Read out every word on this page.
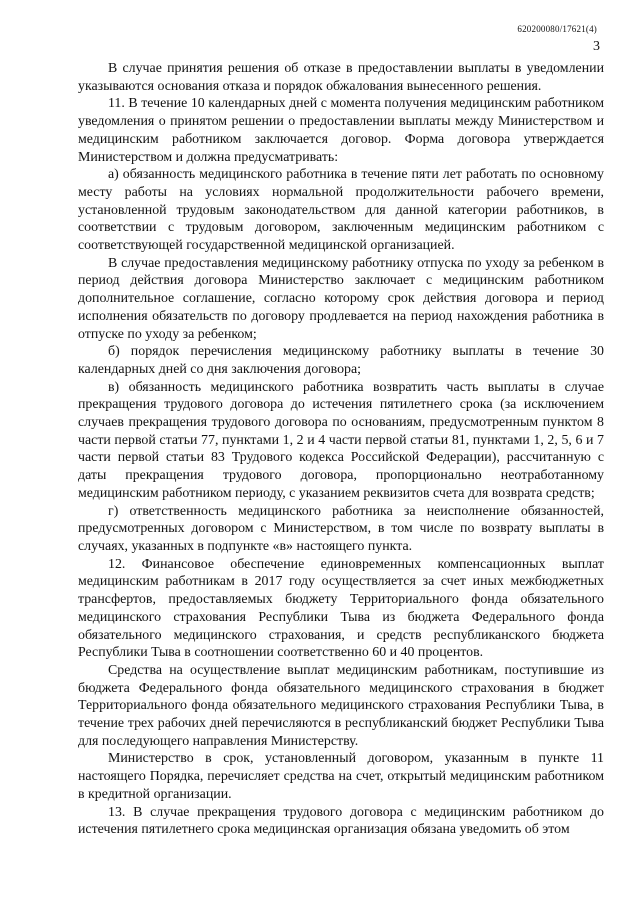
620200080/17621(4)
3

В случае принятия решения об отказе в предоставлении выплаты в уведомлении указываются основания отказа и порядок обжалования вынесенного решения.

11. В течение 10 календарных дней с момента получения медицинским работником уведомления о принятом решении о предоставлении выплаты между Министерством и медицинским работником заключается договор. Форма договора утверждается Министерством и должна предусматривать:

а) обязанность медицинского работника в течение пяти лет работать по основному месту работы на условиях нормальной продолжительности рабочего времени, установленной трудовым законодательством для данной категории работников, в соответствии с трудовым договором, заключенным медицинским работником с соответствующей государственной медицинской организацией.

В случае предоставления медицинскому работнику отпуска по уходу за ребенком в период действия договора Министерство заключает с медицинским работником дополнительное соглашение, согласно которому срок действия договора и период исполнения обязательств по договору продлевается на период нахождения работника в отпуске по уходу за ребенком;

б) порядок перечисления медицинскому работнику выплаты в течение 30 календарных дней со дня заключения договора;

в) обязанность медицинского работника возвратить часть выплаты в случае прекращения трудового договора до истечения пятилетнего срока (за исключением случаев прекращения трудового договора по основаниям, предусмотренным пунктом 8 части первой статьи 77, пунктами 1, 2 и 4 части первой статьи 81, пунктами 1, 2, 5, 6 и 7 части первой статьи 83 Трудового кодекса Российской Федерации), рассчитанную с даты прекращения трудового договора, пропорционально неотработанному медицинским работником периоду, с указанием реквизитов счета для возврата средств;

г) ответственность медицинского работника за неисполнение обязанностей, предусмотренных договором с Министерством, в том числе по возврату выплаты в случаях, указанных в подпункте «в» настоящего пункта.

12. Финансовое обеспечение единовременных компенсационных выплат медицинским работникам в 2017 году осуществляется за счет иных межбюджетных трансфертов, предоставляемых бюджету Территориального фонда обязательного медицинского страхования Республики Тыва из бюджета Федерального фонда обязательного медицинского страхования, и средств республиканского бюджета Республики Тыва в соотношении соответственно 60 и 40 процентов.

Средства на осуществление выплат медицинским работникам, поступившие из бюджета Федерального фонда обязательного медицинского страхования в бюджет Территориального фонда обязательного медицинского страхования Республики Тыва, в течение трех рабочих дней перечисляются в республиканский бюджет Республики Тыва для последующего направления Министерству.

Министерство в срок, установленный договором, указанным в пункте 11 настоящего Порядка, перечисляет средства на счет, открытый медицинским работником в кредитной организации.

13. В случае прекращения трудового договора с медицинским работником до истечения пятилетнего срока медицинская организация обязана уведомить об этом
